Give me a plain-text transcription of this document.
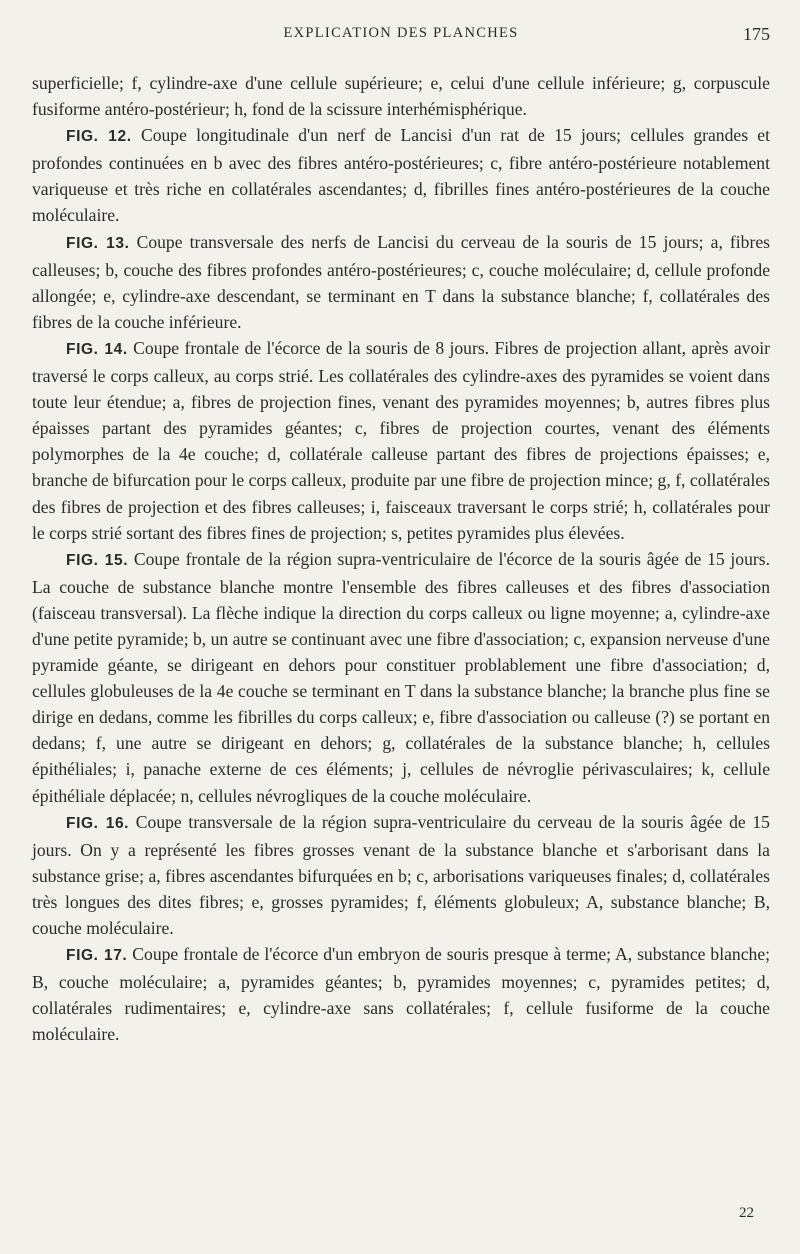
EXPLICATION DES PLANCHES	175

superficielle; f, cylindre-axe d'une cellule supérieure; e, celui d'une cellule inférieure; g, corpuscule fusiforme antéro-postérieur; h, fond de la scissure interhémisphérique.

FIG. 12. Coupe longitudinale d'un nerf de Lancisi d'un rat de 15 jours; cellules grandes et profondes continuées en b avec des fibres antéro-postérieures; c, fibre antéro-postérieure notablement variqueuse et très riche en collatérales ascendantes; d, fibrilles fines antéro-postérieures de la couche moléculaire.

FIG. 13. Coupe transversale des nerfs de Lancisi du cerveau de la souris de 15 jours; a, fibres calleuses; b, couche des fibres profondes antéro-postérieures; c, couche moléculaire; d, cellule profonde allongée; e, cylindre-axe descendant, se terminant en T dans la substance blanche; f, collatérales des fibres de la couche inférieure.

FIG. 14. Coupe frontale de l'écorce de la souris de 8 jours. Fibres de projection allant, après avoir traversé le corps calleux, au corps strié. Les collatérales des cylindre-axes des pyramides se voient dans toute leur étendue; a, fibres de projection fines, venant des pyramides moyennes; b, autres fibres plus épaisses partant des pyramides géantes; c, fibres de projection courtes, venant des éléments polymorphes de la 4e couche; d, collatérale calleuse partant des fibres de projections épaisses; e, branche de bifurcation pour le corps calleux, produite par une fibre de projection mince; g, f, collatérales des fibres de projection et des fibres calleuses; i, faisceaux traversant le corps strié; h, collatérales pour le corps strié sortant des fibres fines de projection; s, petites pyramides plus élevées.

FIG. 15. Coupe frontale de la région supra-ventriculaire de l'écorce de la souris âgée de 15 jours. La couche de substance blanche montre l'ensemble des fibres calleuses et des fibres d'association (faisceau transversal). La flèche indique la direction du corps calleux ou ligne moyenne; a, cylindre-axe d'une petite pyramide; b, un autre se continuant avec une fibre d'association; c, expansion nerveuse d'une pyramide géante, se dirigeant en dehors pour constituer problablement une fibre d'association; d, cellules globuleuses de la 4e couche se terminant en T dans la substance blanche; la branche plus fine se dirige en dedans, comme les fibrilles du corps calleux; e, fibre d'association ou calleuse (?) se portant en dedans; f, une autre se dirigeant en dehors; g, collatérales de la substance blanche; h, cellules épithéliales; i, panache externe de ces éléments; j, cellules de névroglie périvasculaires; k, cellule épithéliale déplacée; n, cellules névrogliques de la couche moléculaire.

FIG. 16. Coupe transversale de la région supra-ventriculaire du cerveau de la souris âgée de 15 jours. On y a représenté les fibres grosses venant de la substance blanche et s'arborisant dans la substance grise; a, fibres ascendantes bifurquées en b; c, arborisations variqueuses finales; d, collatérales très longues des dites fibres; e, grosses pyramides; f, éléments globuleux; A, substance blanche; B, couche moléculaire.

FIG. 17. Coupe frontale de l'écorce d'un embryon de souris presque à terme; A, substance blanche; B, couche moléculaire; a, pyramides géantes; b, pyramides moyennes; c, pyramides petites; d, collatérales rudimentaires; e, cylindre-axe sans collatérales; f, cellule fusiforme de la couche moléculaire.

22
